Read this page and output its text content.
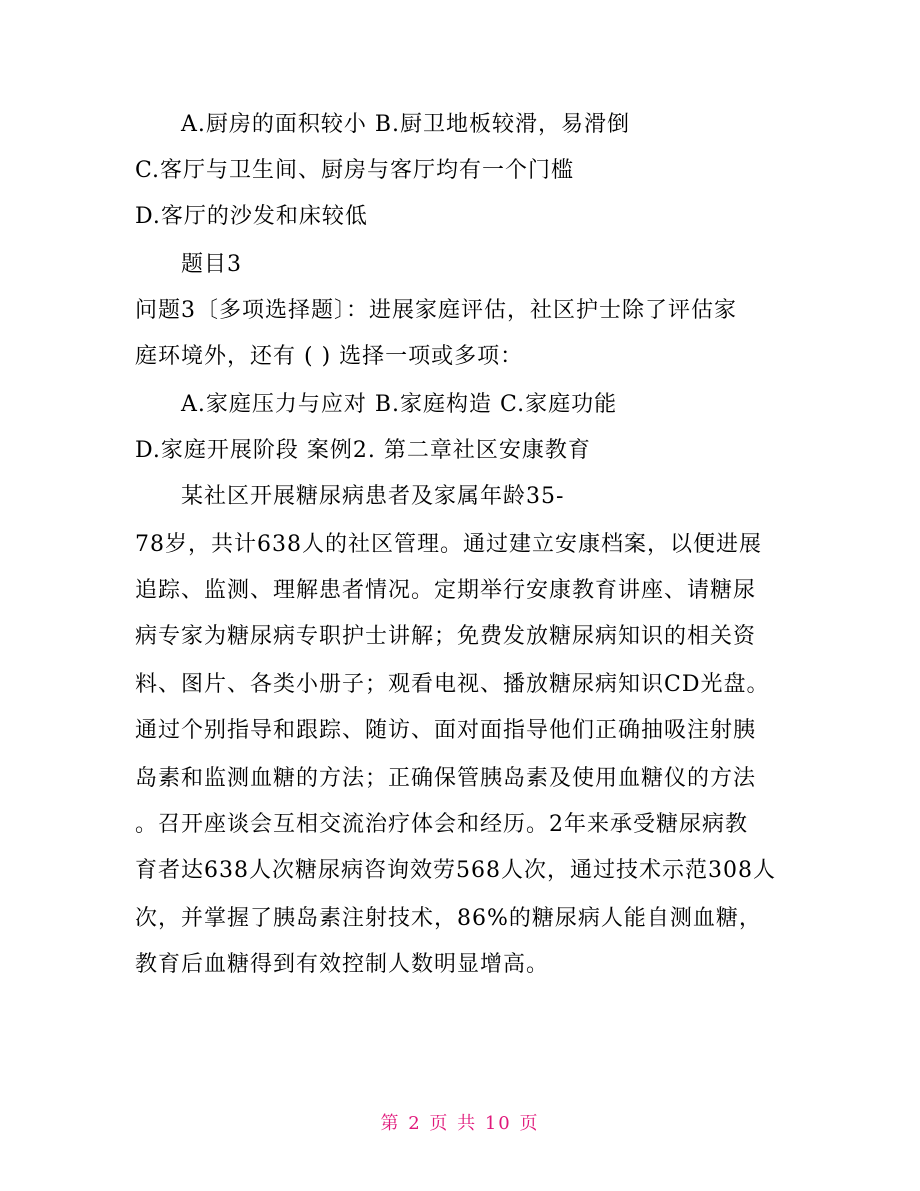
A.厨房的面积较小 B.厨卫地板较滑，易滑倒
C.客厅与卫生间、厨房与客厅均有一个门槛
D.客厅的沙发和床较低
题目3
问题3〔多项选择题〕：进展家庭评估，社区护士除了评估家
庭环境外，还有 ( ) 选择一项或多项：
A.家庭压力与应对 B.家庭构造 C.家庭功能
D.家庭开展阶段 案例2. 第二章社区安康教育
某社区开展糖尿病患者及家属年龄35-
78岁，共计638人的社区管理。通过建立安康档案，以便进展
追踪、监测、理解患者情况。定期举行安康教育讲座、请糖尿
病专家为糖尿病专职护士讲解；免费发放糖尿病知识的相关资
料、图片、各类小册子；观看电视、播放糖尿病知识CD光盘。
通过个别指导和跟踪、随访、面对面指导他们正确抽吸注射胰
岛素和监测血糖的方法；正确保管胰岛素及使用血糖仪的方法
。召开座谈会互相交流治疗体会和经历。2年来承受糖尿病教
育者达638人次糖尿病咨询效劳568人次，通过技术示范308人
次，并掌握了胰岛素注射技术，86%的糖尿病人能自测血糖，
教育后血糖得到有效控制人数明显增高。
第 2 页 共 10 页
